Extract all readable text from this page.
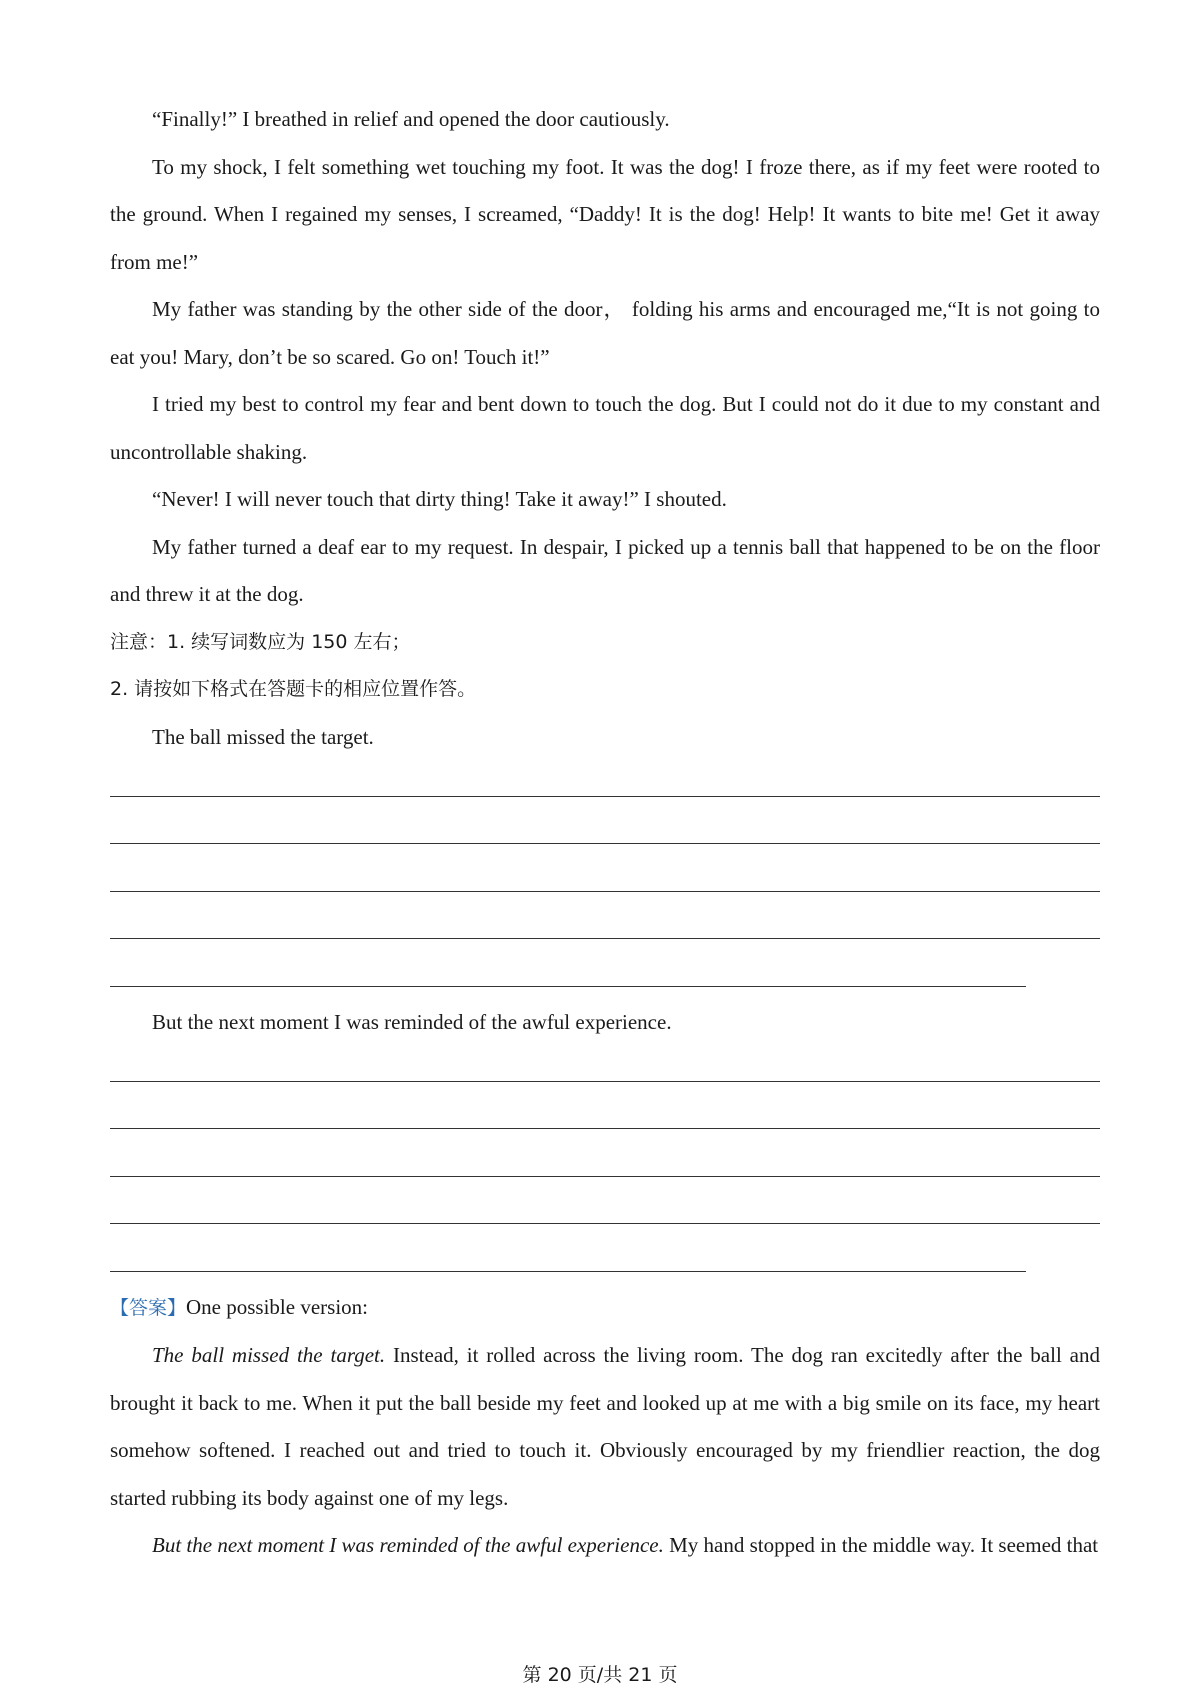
“Finally!” I breathed in relief and opened the door cautiously.

To my shock, I felt something wet touching my foot. It was the dog! I froze there, as if my feet were rooted to the ground. When I regained my senses, I screamed, “Daddy! It is the dog! Help! It wants to bite me! Get it away from me!”

My father was standing by the other side of the door， folding his arms and encouraged me,“It is not going to eat you! Mary, don’t be so scared. Go on! Touch it!”

I tried my best to control my fear and bent down to touch the dog. But I could not do it due to my constant and uncontrollable shaking.

“Never! I will never touch that dirty thing! Take it away!” I shouted.

My father turned a deaf ear to my request. In despair, I picked up a tennis ball that happened to be on the floor and threw it at the dog.

注意：1. 续写词数应为 150 左右；

2. 请按如下格式在答题卡的相应位置作答。

The ball missed the target.

But the next moment I was reminded of the awful experience.

【答案】One possible version:

The ball missed the target. Instead, it rolled across the living room. The dog ran excitedly after the ball and brought it back to me. When it put the ball beside my feet and looked up at me with a big smile on its face, my heart somehow softened. I reached out and tried to touch it. Obviously encouraged by my friendlier reaction, the dog started rubbing its body against one of my legs.

But the next moment I was reminded of the awful experience. My hand stopped in the middle way. It seemed that

第 20 页/共 21 页
